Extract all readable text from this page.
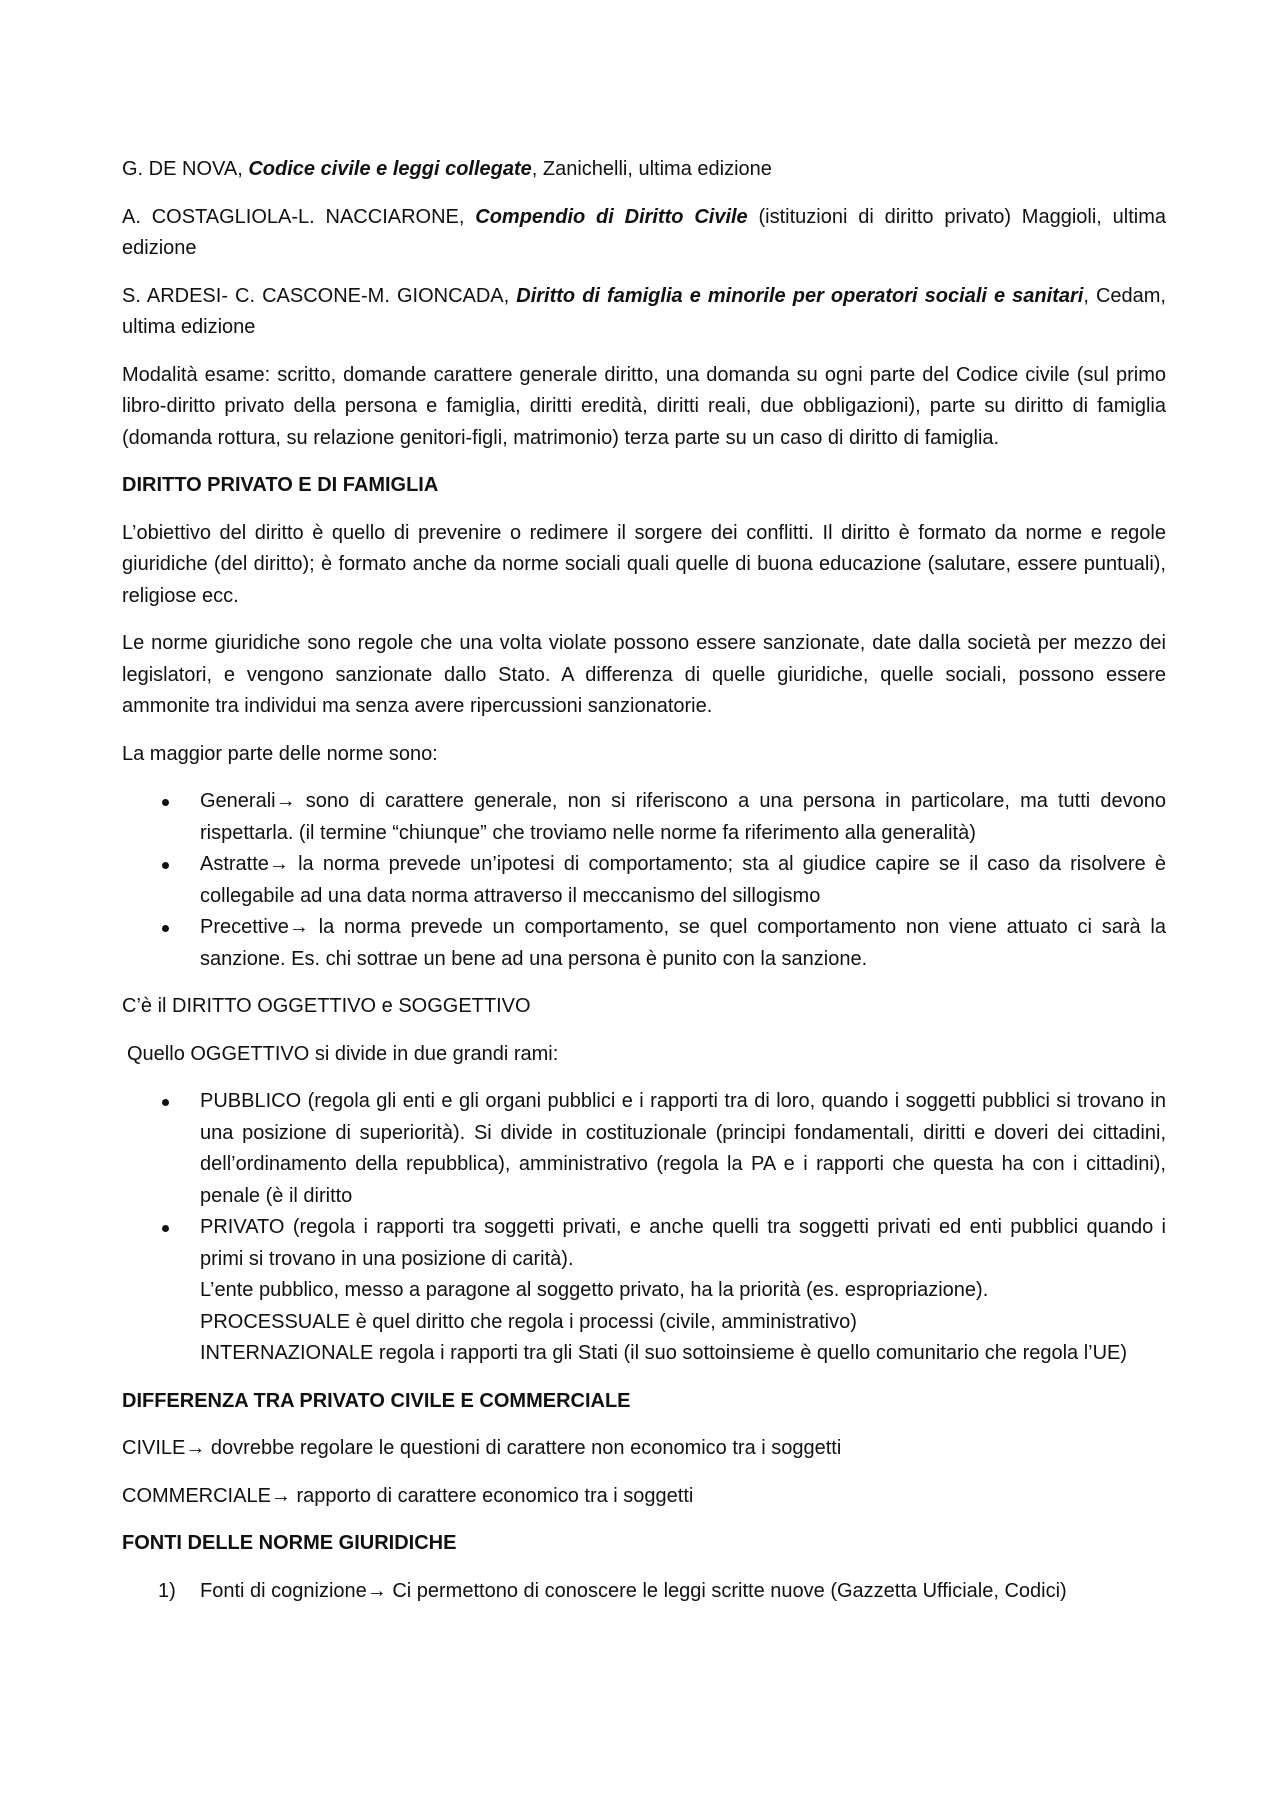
G. DE NOVA, Codice civile e leggi collegate, Zanichelli, ultima edizione

A. COSTAGLIOLA-L. NACCIARONE, Compendio di Diritto Civile (istituzioni di diritto privato) Maggioli, ultima edizione

S. ARDESI- C. CASCONE-M. GIONCADA, Diritto di famiglia e minorile per operatori sociali e sanitari, Cedam, ultima edizione

Modalità esame: scritto, domande carattere generale diritto, una domanda su ogni parte del Codice civile (sul primo libro-diritto privato della persona e famiglia, diritti eredità, diritti reali, due obbligazioni), parte su diritto di famiglia (domanda rottura, su relazione genitori-figli, matrimonio) terza parte su un caso di diritto di famiglia.

DIRITTO PRIVATO E DI FAMIGLIA

L’obiettivo del diritto è quello di prevenire o redimere il sorgere dei conflitti. Il diritto è formato da norme e regole giuridiche (del diritto); è formato anche da norme sociali quali quelle di buona educazione (salutare, essere puntuali), religiose ecc.

Le norme giuridiche sono regole che una volta violate possono essere sanzionate, date dalla società per mezzo dei legislatori, e vengono sanzionate dallo Stato. A differenza di quelle giuridiche, quelle sociali, possono essere ammonite tra individui ma senza avere ripercussioni sanzionatorie.

La maggior parte delle norme sono:

Generali→ sono di carattere generale, non si riferiscono a una persona in particolare, ma tutti devono rispettarla. (il termine “chiunque” che troviamo nelle norme fa riferimento alla generalità)
Astratte→ la norma prevede un’ipotesi di comportamento; sta al giudice capire se il caso da risolvere è collegabile ad una data norma attraverso il meccanismo del sillogismo
Precettive→ la norma prevede un comportamento, se quel comportamento non viene attuato ci sarà la sanzione. Es. chi sottrae un bene ad una persona è punito con la sanzione.

C’è il DIRITTO OGGETTIVO e SOGGETTIVO

Quello OGGETTIVO si divide in due grandi rami:

PUBBLICO (regola gli enti e gli organi pubblici e i rapporti tra di loro, quando i soggetti pubblici si trovano in una posizione di superiorità). Si divide in costituzionale (principi fondamentali, diritti e doveri dei cittadini, dell’ordinamento della repubblica), amministrativo (regola la PA e i rapporti che questa ha con i cittadini), penale (è il diritto
PRIVATO (regola i rapporti tra soggetti privati, e anche quelli tra soggetti privati ed enti pubblici quando i primi si trovano in una posizione di carità).
L’ente pubblico, messo a paragone al soggetto privato, ha la priorità (es. espropriazione).
PROCESSUALE è quel diritto che regola i processi (civile, amministrativo)
INTERNAZIONALE regola i rapporti tra gli Stati (il suo sottoinsieme è quello comunitario che regola l’UE)
DIFFERENZA TRA PRIVATO CIVILE E COMMERCIALE

CIVILE→ dovrebbe regolare le questioni di carattere non economico tra i soggetti

COMMERCIALE→ rapporto di carattere economico tra i soggetti

FONTI DELLE NORME GIURIDICHE
1) Fonti di cognizione→ Ci permettono di conoscere le leggi scritte nuove (Gazzetta Ufficiale, Codici)
